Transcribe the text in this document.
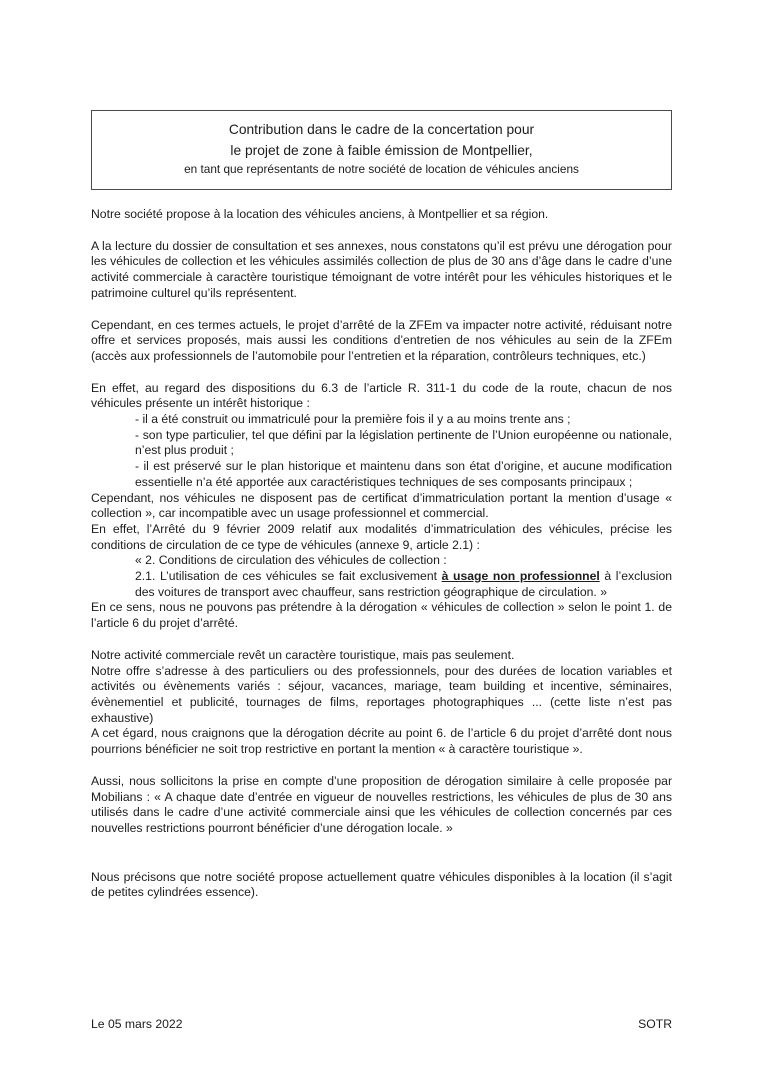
Contribution dans le cadre de la concertation pour
le projet de zone à faible émission de Montpellier,
en tant que représentants de notre société de location de véhicules anciens

Notre société propose à la location des véhicules anciens, à Montpellier et sa région.

A la lecture du dossier de consultation et ses annexes, nous constatons qu’il est prévu une dérogation pour les véhicules de collection et les véhicules assimilés collection de plus de 30 ans d’âge dans le cadre d’une activité commerciale à caractère touristique témoignant de votre intérêt pour les véhicules historiques et le patrimoine culturel qu’ils représentent.

Cependant, en ces termes actuels, le projet d’arrêté de la ZFEm va impacter notre activité, réduisant notre offre et services proposés, mais aussi les conditions d’entretien de nos véhicules au sein de la ZFEm (accès aux professionnels de l’automobile pour l’entretien et la réparation, contrôleurs techniques, etc.)

En effet, au regard des dispositions du 6.3 de l’article R. 311-1 du code de la route, chacun de nos véhicules présente un intérêt historique :

- il a été construit ou immatriculé pour la première fois il y a au moins trente ans ;

- son type particulier, tel que défini par la législation pertinente de l’Union européenne ou nationale, n’est plus produit ;

- il est préservé sur le plan historique et maintenu dans son état d’origine, et aucune modification essentielle n’a été apportée aux caractéristiques techniques de ses composants principaux ;

Cependant, nos véhicules ne disposent pas de certificat d’immatriculation portant la mention d’usage « collection », car incompatible avec un usage professionnel et commercial.

En effet, l’Arrêté du 9 février 2009 relatif aux modalités d’immatriculation des véhicules, précise les conditions de circulation de ce type de véhicules (annexe 9, article 2.1) :

« 2. Conditions de circulation des véhicules de collection :

2.1. L’utilisation de ces véhicules se fait exclusivement à usage non professionnel à l’exclusion des voitures de transport avec chauffeur, sans restriction géographique de circulation. »

En ce sens, nous ne pouvons pas prétendre à la dérogation « véhicules de collection » selon le point 1. de l’article 6 du projet d’arrêté.

Notre activité commerciale revêt un caractère touristique, mais pas seulement.

Notre offre s’adresse à des particuliers ou des professionnels, pour des durées de location variables et activités ou évènements variés : séjour, vacances, mariage, team building et incentive, séminaires, évènementiel et publicité, tournages de films, reportages photographiques ... (cette liste n’est pas exhaustive)

A cet égard, nous craignons que la dérogation décrite au point 6. de l’article 6 du projet d’arrêté dont nous pourrions bénéficier ne soit trop restrictive en portant la mention « à caractère touristique ».

Aussi, nous sollicitons la prise en compte d’une proposition de dérogation similaire à celle proposée par Mobilians : « A chaque date d’entrée en vigueur de nouvelles restrictions, les véhicules de plus de 30 ans utilisés dans le cadre d’une activité commerciale ainsi que les véhicules de collection concernés par ces nouvelles restrictions pourront bénéficier d’une dérogation locale. »

Nous précisons que notre société propose actuellement quatre véhicules disponibles à la location (il s’agit de petites cylindrées essence).

Le 05 mars 2022	SOTR
